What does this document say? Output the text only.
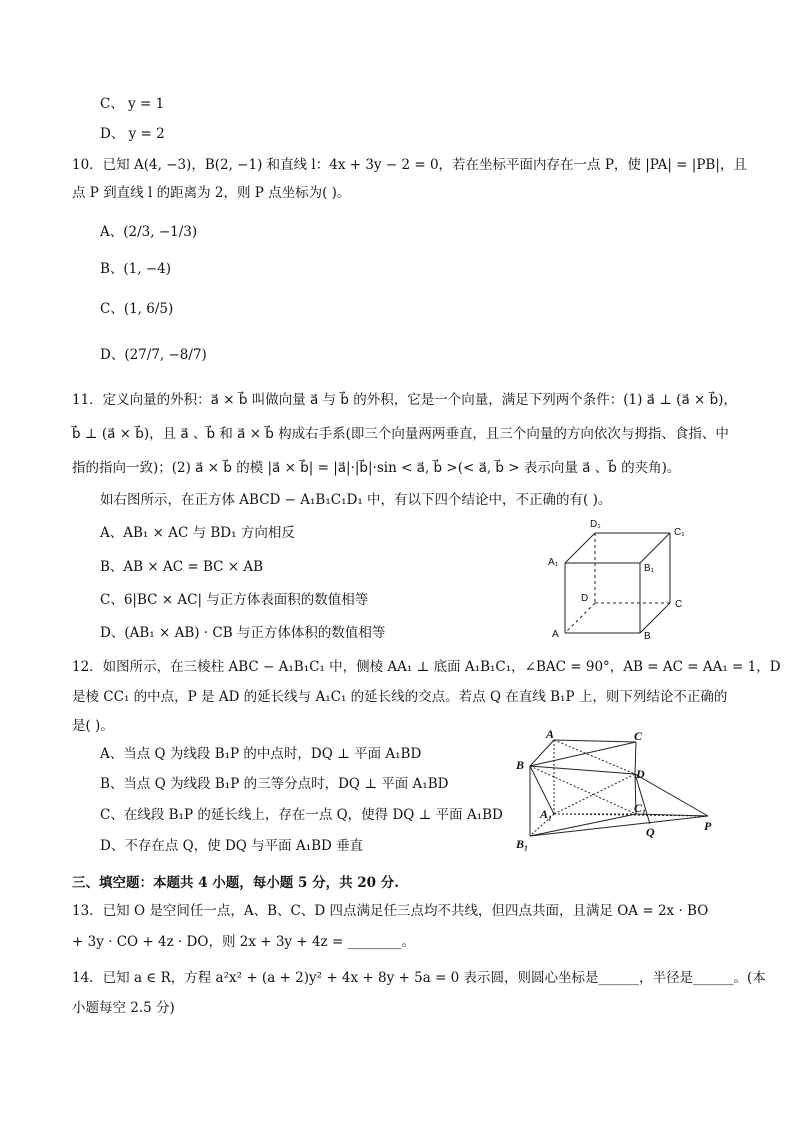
C、 y = 1
D、 y = 2
10．已知 A(4, −3)，B(2, −1) 和直线 l：4x + 3y − 2 = 0，若在坐标平面内存在一点 P，使 |PA| = |PB|，且
点 P 到直线 l 的距离为 2，则 P 点坐标为( )。
A、(2/3, −1/3)
B、(1, −4)
C、(1, 6/5)
D、(27/7, −8/7)
11．定义向量的外积：a⃗ × b⃗ 叫做向量 a⃗ 与 b⃗ 的外积，它是一个向量，满足下列两个条件：(1) a⃗ ⊥ (a⃗ × b⃗)，
b⃗ ⊥ (a⃗ × b⃗)，且 a⃗ 、b⃗ 和 a⃗ × b⃗ 构成右手系(即三个向量两两垂直，且三个向量的方向依次与拇指、食指、中
指的指向一致)；(2) a⃗ × b⃗ 的模 |a⃗ × b⃗| = |a⃗|·|b⃗|·sin < a⃗, b⃗ >(< a⃗, b⃗ > 表示向量 a⃗ 、b⃗ 的夹角)。
如右图所示，在正方体 ABCD − A₁B₁C₁D₁ 中，有以下四个结论中，不正确的有( )。
A、AB₁ × AC 与 BD₁ 方向相反
B、AB × AC = BC × AB
C、6|BC × AC| 与正方体表面积的数值相等
D、(AB₁ × AB) · CB 与正方体体积的数值相等
D₁
C₁
A₁
B₁
D
C
A	B
12．如图所示，在三棱柱 ABC − A₁B₁C₁ 中，侧棱 AA₁ ⊥ 底面 A₁B₁C₁，∠BAC = 90°，AB = AC = AA₁ = 1，D
是棱 CC₁ 的中点，P 是 AD 的延长线与 A₁C₁ 的延长线的交点。若点 Q 在直线 B₁P 上，则下列结论不正确的
是( )。
A、当点 Q 为线段 B₁P 的中点时，DQ ⊥ 平面 A₁BD
B、当点 Q 为线段 B₁P 的三等分点时，DQ ⊥ 平面 A₁BD
C、在线段 B₁P 的延长线上，存在一点 Q，使得 DQ ⊥ 平面 A₁BD
D、不存在点 Q，使 DQ 与平面 A₁BD 垂直
A	C
B
D
A₁	C₁
Q	P
B₁
三、填空题：本题共 4 小题，每小题 5 分，共 20 分.
13．已知 O 是空间任一点，A、B、C、D 四点满足任三点均不共线，但四点共面，且满足 OA = 2x · BO
+ 3y · CO + 4z · DO，则 2x + 3y + 4z = ________。
14．已知 a ∈ R，方程 a²x² + (a + 2)y² + 4x + 8y + 5a = 0 表示圆，则圆心坐标是______，半径是______。(本
小题每空 2.5 分)
